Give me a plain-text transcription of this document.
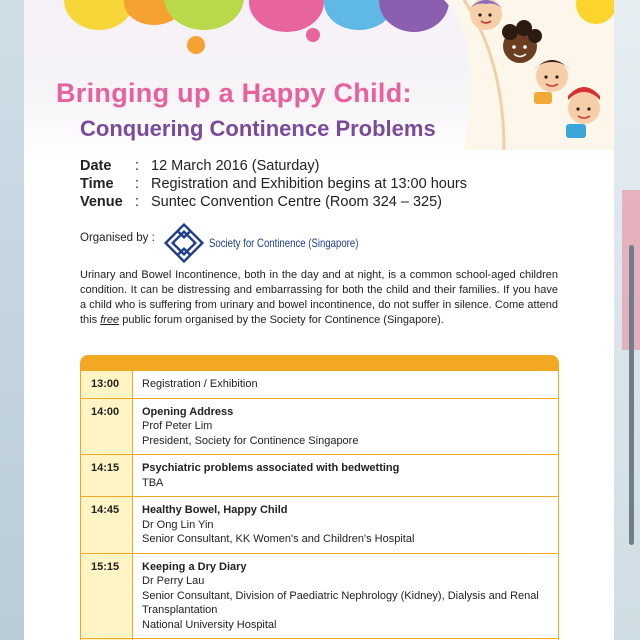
Bringing up a Happy Child:
Conquering Continence Problems
Date	: 12 March 2016 (Saturday)
Time	: Registration and Exhibition begins at 13:00 hours
Venue : Suntec Convention Centre (Room 324 – 325)
Organised by :	Society for Continence (Singapore)
Urinary and Bowel Incontinence, both in the day and at night, is a common school-aged children condition. It can be distressing and embarrassing for both the child and their families. If you have a child who is suffering from urinary and bowel incontinence, do not suffer in silence. Come attend this free public forum organised by the Society for Continence (Singapore).
13:00	Registration / Exhibition
14:00	Opening Address
Prof Peter Lim
President, Society for Continence Singapore
14:15	Psychiatric problems associated with bedwetting
TBA
14:45	Healthy Bowel, Happy Child
Dr Ong Lin Yin
Senior Consultant, KK Women's and Children's Hospital
15:15	Keeping a Dry Diary
Dr Perry Lau
Senior Consultant, Division of Paediatric Nephrology (Kidney), Dialysis and Renal Transplantation
National University Hospital
